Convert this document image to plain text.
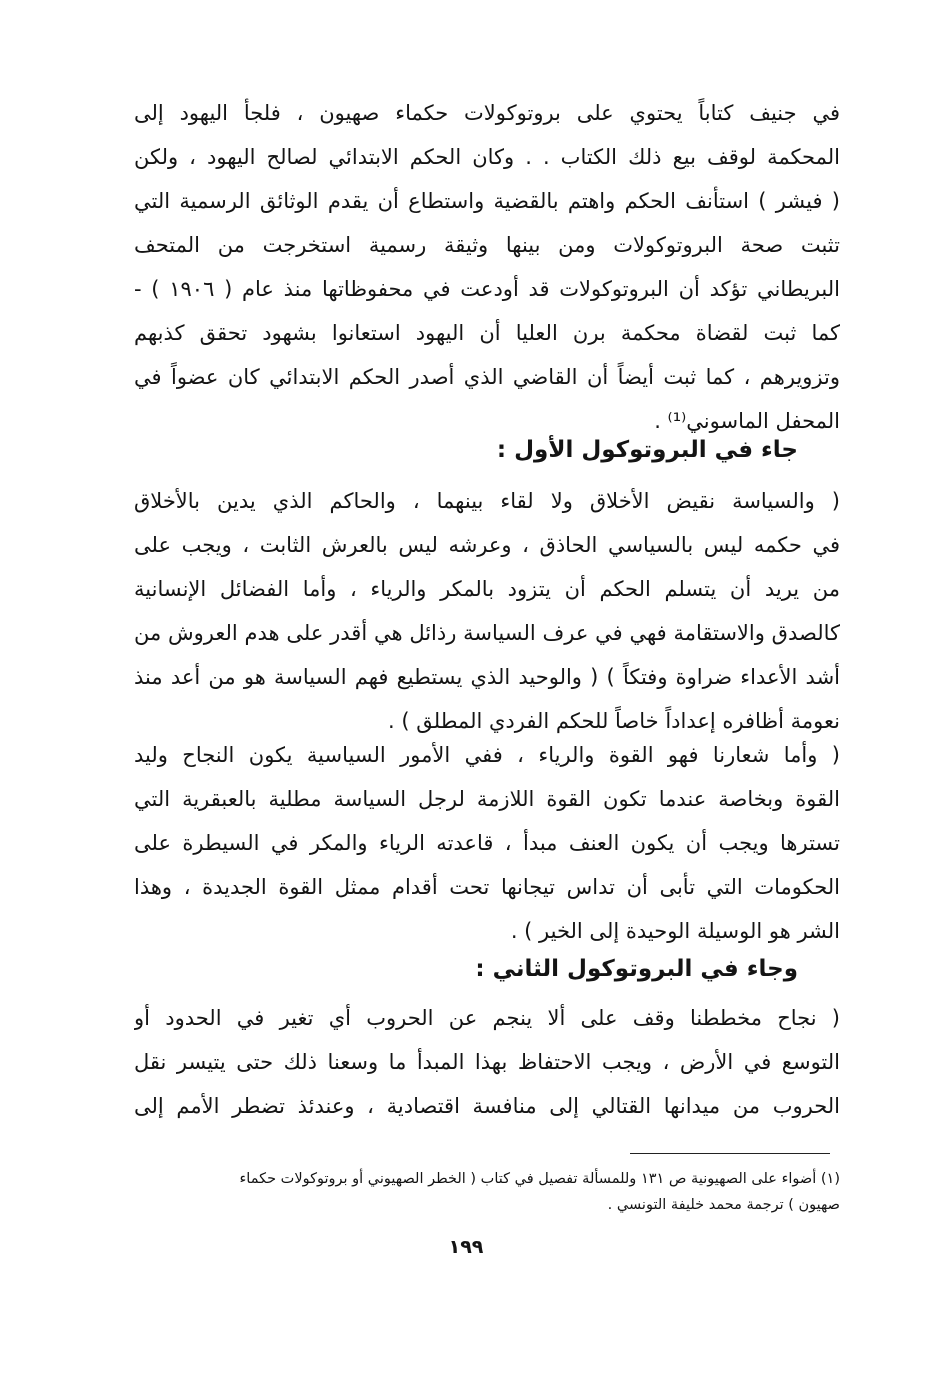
في جنيف كتاباً يحتوي على بروتوكولات حكماء صهيون ، فلجأ اليهود إلى
المحكمة لوقف بيع ذلك الكتاب . . وكان الحكم الابتدائي لصالح اليهود ، ولكن
( فيشر ) استأنف الحكم واهتم بالقضية واستطاع أن يقدم الوثائق الرسمية التي
تثبت صحة البروتوكولات ومن بينها وثيقة رسمية استخرجت من المتحف
البريطاني تؤكد أن البروتوكولات قد أودعت في محفوظاتها منذ عام ( ١٩٠٦ ) -
كما ثبت لقضاة محكمة برن العليا أن اليهود استعانوا بشهود تحقق كذبهم
وتزويرهم ، كما ثبت أيضاً أن القاضي الذي أصدر الحكم الابتدائي كان عضواً في
المحفل الماسوني⁽¹⁾ .
جاء في البروتوكول الأول :
( والسياسة نقيض الأخلاق ولا لقاء بينهما ، والحاكم الذي يدين بالأخلاق
في حكمه ليس بالسياسي الحاذق ، وعرشه ليس بالعرش الثابت ، ويجب على
من يريد أن يتسلم الحكم أن يتزود بالمكر والرياء ، وأما الفضائل الإنسانية
كالصدق والاستقامة فهي في عرف السياسة رذائل هي أقدر على هدم العروش من
أشد الأعداء ضراوة وفتكاً ) ( والوحيد الذي يستطيع فهم السياسة هو من أعد منذ
نعومة أظافره إعداداً خاصاً للحكم الفردي المطلق ) .
( وأما شعارنا فهو القوة والرياء ، ففي الأمور السياسية يكون النجاح وليد
القوة وبخاصة عندما تكون القوة اللازمة لرجل السياسة مطلية بالعبقرية التي
تسترها ويجب أن يكون العنف مبدأ ، قاعدته الرياء والمكر في السيطرة على
الحكومات التي تأبى أن تداس تيجانها تحت أقدام ممثل القوة الجديدة ، وهذا
الشر هو الوسيلة الوحيدة إلى الخير ) .
وجاء في البروتوكول الثاني :
( نجاح مخططنا وقف على ألا ينجم عن الحروب أي تغير في الحدود أو
التوسع في الأرض ، ويجب الاحتفاظ بهذا المبدأ ما وسعنا ذلك حتى يتيسر نقل
الحروب من ميدانها القتالي إلى منافسة اقتصادية ، وعندئذ تضطر الأمم إلى
(١) أضواء على الصهيونية ص ١٣١ وللمسألة تفصيل في كتاب ( الخطر الصهيوني أو بروتوكولات حكماء
صهيون ) ترجمة محمد خليفة التونسي .
١٩٩
